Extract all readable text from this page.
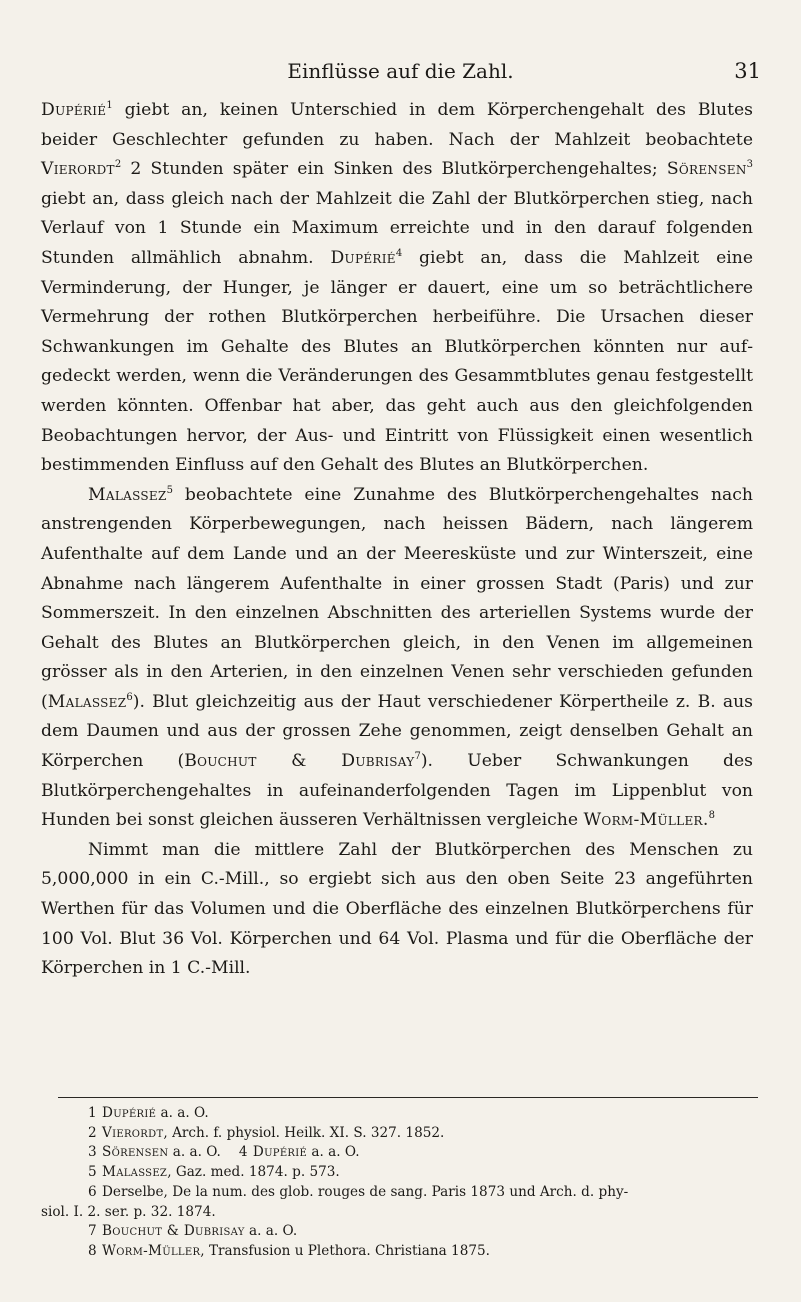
Einflüsse auf die Zahl.	31

Dupérié$^1$ giebt an, keinen Unterschied in dem Körperchengehalt des Blutes beider Geschlechter gefunden zu haben. Nach der Mahlzeit beobachtete Vierordt$^2$ 2 Stunden später ein Sinken des Blutkörperchengehaltes; Sörensen$^3$ giebt an, dass gleich nach der Mahlzeit die Zahl der Blutkörperchen stieg, nach Verlauf von 1 Stunde ein Maximum erreichte und in den darauf folgenden Stunden allmählich abnahm. Dupérié$^4$ giebt an, dass die Mahlzeit eine Verminderung, der Hunger, je länger er dauert, eine um so beträchtlichere Vermehrung der rothen Blutkörperchen herbeiführe. Die Ursachen dieser Schwankungen im Gehalte des Blutes an Blutkörperchen könnten nur aufgedeckt werden, wenn die Veränderungen des Gesammtblutes genau festgestellt werden könnten. Offenbar hat aber, das geht auch aus den gleichfolgenden Beobachtungen hervor, der Aus- und Eintritt von Flüssigkeit einen wesentlich bestimmenden Einfluss auf den Gehalt des Blutes an Blutkörperchen.

Malassez$^5$ beobachtete eine Zunahme des Blutkörperchengehaltes nach anstrengenden Körperbewegungen, nach heissen Bädern, nach längerem Aufenthalte auf dem Lande und an der Meeresküste und zur Winterszeit, eine Abnahme nach längerem Aufenthalte in einer grossen Stadt (Paris) und zur Sommerszeit. In den einzelnen Abschnitten des arteriellen Systems wurde der Gehalt des Blutes an Blutkörperchen gleich, in den Venen im allgemeinen grösser als in den Arterien, in den einzelnen Venen sehr verschieden gefunden (Malassez$^6$). Blut gleichzeitig aus der Haut verschiedener Körpertheile z. B. aus dem Daumen und aus der grossen Zehe genommen, zeigt denselben Gehalt an Körperchen (Bouchut & Dubrisay$^7$). Ueber Schwankungen des Blutkörperchengehaltes in aufeinanderfolgenden Tagen im Lippenblut von Hunden bei sonst gleichen äusseren Verhältnissen vergleiche Worm-Müller.$^8$

Nimmt man die mittlere Zahl der Blutkörperchen des Menschen zu 5,000,000 in ein C.-Mill., so ergiebt sich aus den oben Seite 23 angeführten Werthen für das Volumen und die Oberfläche des einzelnen Blutkörperchens für 100 Vol. Blut 36 Vol. Körperchen und 64 Vol. Plasma und für die Oberfläche der Körperchen in 1 C.-Mill.

1 Dupérié a. a. O.

2 Vierordt, Arch. f. physiol. Heilk. XI. S. 327. 1852.

3 Sörensen a. a. O. 4 Dupérié a. a. O.

5 Malassez, Gaz. med. 1874. p. 573.

6 Derselbe, De la num. des glob. rouges de sang. Paris 1873 und Arch. d. phy-

siol. I. 2. ser. p. 32. 1874.

7 Bouchut & Dubrisay a. a. O.

8 Worm-Müller, Transfusion u Plethora. Christiana 1875.
